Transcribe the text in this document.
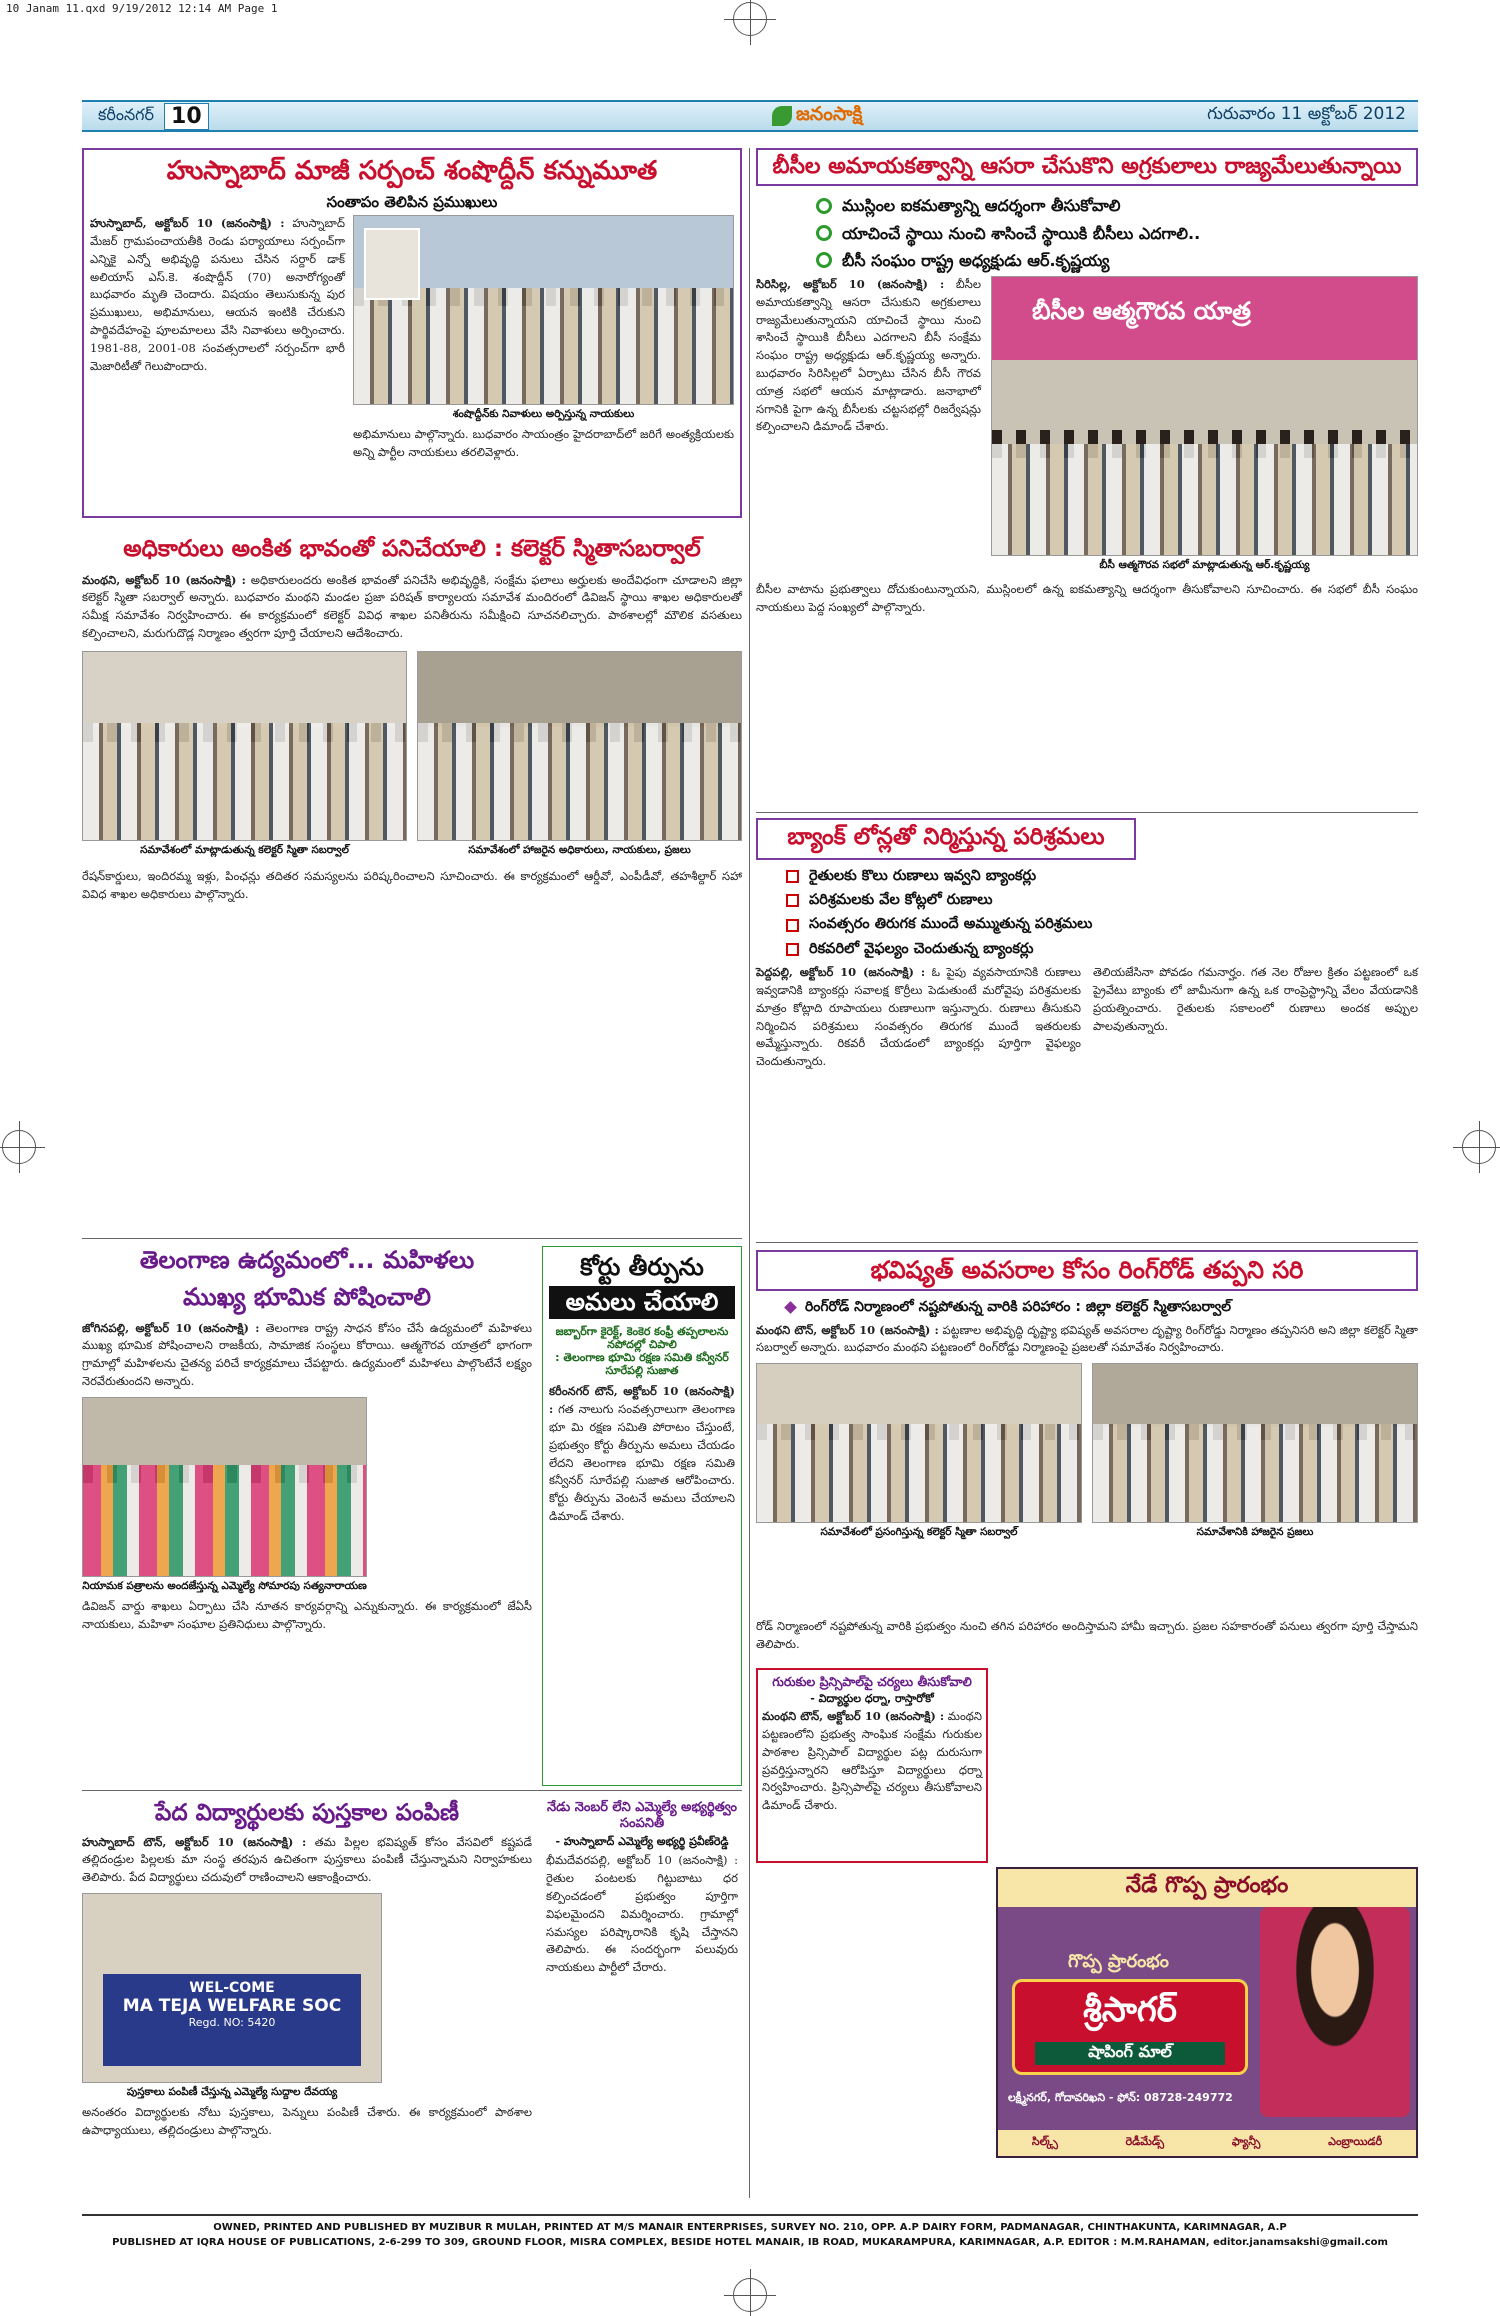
10 Janam 11.qxd 9/19/2012 12:14 AM Page 1
కరీంనగర్ 10	జనంసాక్షి	గురువారం 11 అక్టోబర్ 2012
హుస్నాబాద్ మాజీ సర్పంచ్ శంషొద్దీన్ కన్నుమూత
సంతాపం తెలిపిన ప్రముఖులు

హుస్నాబాద్, అక్టోబర్ 10 (జనంసాక్షి) : హుస్నాబాద్ మేజర్ గ్రామపంచాయతీకి రెండు పర్యాయాలు సర్పంచ్‌గా ఎన్నికై ఎన్నో అభివృద్ధి పనులు చేసిన సర్దార్ డాక్ అలియాస్ ఎస్.కె. శంషొద్దీన్ (70) అనారోగ్యంతో బుధవారం మృతి చెందారు. విషయం తెలుసుకున్న పుర ప్రముఖులు, అభిమానులు, ఆయన ఇంటికి చేరుకుని పార్థివదేహంపై పూలమాలలు వేసి నివాళులు అర్పించారు. 1981-88, 2001-08 సంవత్సరాలలో సర్పంచ్‌గా భారీ మెజారిటీతో గెలుపొందారు.

శంషొద్దీన్‌కు నివాళులు అర్పిస్తున్న నాయకులు

అభిమానులు పాల్గొన్నారు. బుధవారం సాయంత్రం హైదరాబాద్‌లో జరిగే అంత్యక్రియలకు అన్ని పార్టీల నాయకులు తరలివెళ్లారు.

అధికారులు అంకిత భావంతో పనిచేయాలి : కలెక్టర్ స్మితాసబర్వాల్

మంథని, అక్టోబర్ 10 (జనంసాక్షి) : అధికారులందరు అంకిత భావంతో పనిచేసి అభివృద్ధికి, సంక్షేమ ఫలాలు అర్హులకు అందేవిధంగా చూడాలని జిల్లా కలెక్టర్ స్మితా సబర్వాల్ అన్నారు. బుధవారం మంథని మండల ప్రజా పరిషత్ కార్యాలయ సమావేశ మందిరంలో డివిజన్ స్థాయి శాఖల అధికారులతో సమీక్ష సమావేశం నిర్వహించారు. ఈ కార్యక్రమంలో కలెక్టర్ వివిధ శాఖల పనితీరును సమీక్షించి సూచనలిచ్చారు. పాఠశాలల్లో మౌలిక వసతులు కల్పించాలని, మరుగుదొడ్ల నిర్మాణం త్వరగా పూర్తి చేయాలని ఆదేశించారు.

సమావేశంలో మాట్లాడుతున్న కలెక్టర్ స్మితా సబర్వాల్	సమావేశంలో హాజరైన అధికారులు, నాయకులు, ప్రజలు

రేషన్‌కార్డులు, ఇందిరమ్మ ఇళ్లు, పింఛన్లు తదితర సమస్యలను పరిష్కరించాలని సూచించారు. ఈ కార్యక్రమంలో ఆర్డీవో, ఎంపీడీవో, తహశీల్దార్ సహా వివిధ శాఖల అధికారులు పాల్గొన్నారు.

బీసీల అమాయకత్వాన్ని ఆసరా చేసుకొని అగ్రకులాలు రాజ్యమేలుతున్నాయి
ముస్లింల ఐకమత్యాన్ని ఆదర్శంగా తీసుకోవాలి
యాచించే స్థాయి నుంచి శాసించే స్థాయికి బీసీలు ఎదగాలి..
బీసీ సంఘం రాష్ట్ర అధ్యక్షుడు ఆర్.కృష్ణయ్య

సిరిసిల్ల, అక్టోబర్ 10 (జనంసాక్షి) : బీసీల అమాయకత్వాన్ని ఆసరా చేసుకుని అగ్రకులాలు రాజ్యమేలుతున్నాయని యాచించే స్థాయి నుంచి శాసించే స్థాయికి బీసీలు ఎదగాలని బీసీ సంక్షేమ సంఘం రాష్ట్ర అధ్యక్షుడు ఆర్.కృష్ణయ్య అన్నారు. బుధవారం సిరిసిల్లలో ఏర్పాటు చేసిన బీసీ గౌరవ యాత్ర సభలో ఆయన మాట్లాడారు. జనాభాలో సగానికి పైగా ఉన్న బీసీలకు చట్టసభల్లో రిజర్వేషన్లు కల్పించాలని డిమాండ్ చేశారు.

బీసీల ఆత్మగౌరవ యాత్ర
బీసీ ఆత్మగౌరవ సభలో మాట్లాడుతున్న ఆర్.కృష్ణయ్య

బీసీల వాటాను ప్రభుత్వాలు దోచుకుంటున్నాయని, ముస్లింలలో ఉన్న ఐకమత్యాన్ని ఆదర్శంగా తీసుకోవాలని సూచించారు. ఈ సభలో బీసీ సంఘం నాయకులు పెద్ద సంఖ్యలో పాల్గొన్నారు.

బ్యాంక్ లోన్లతో నిర్మిస్తున్న పరిశ్రమలు
రైతులకు కొలు రుణాలు ఇవ్వని బ్యాంకర్లు
పరిశ్రమలకు వేల కోట్లలో రుణాలు
సంవత్సరం తిరుగక ముందే అమ్ముతున్న పరిశ్రమలు
రికవరిలో వైఫల్యం చెందుతున్న బ్యాంకర్లు

పెద్దపల్లి, అక్టోబర్ 10 (జనంసాక్షి) : ఓ పైపు వ్యవసాయానికి రుణాలు ఇవ్వడానికి బ్యాంకర్లు సవాలక్ష కొర్రీలు పెడుతుంటే మరోవైపు పరిశ్రమలకు మాత్రం కోట్లాది రూపాయలు రుణాలుగా ఇస్తున్నారు. రుణాలు తీసుకుని నిర్మించిన పరిశ్రమలు సంవత్సరం తిరుగక ముందే ఇతరులకు అమ్మేస్తున్నారు. రికవరీ చేయడంలో బ్యాంకర్లు పూర్తిగా వైఫల్యం చెందుతున్నారు.

తెలియజేసినా పోవడం గమనార్హం. గత నెల రోజుల క్రితం పట్టణంలో ఒక ప్రైవేటు బ్యాంకు లో జామీనుగా ఉన్న ఒక రాంప్రెస్ట్రాన్ని వేలం వేయడానికి ప్రయత్నించారు. రైతులకు సకాలంలో రుణాలు అందక అప్పుల పాలవుతున్నారు.

తెలంగాణ ఉద్యమంలో... మహిళలు
ముఖ్య భూమిక పోషించాలి

జోగినపల్లి, అక్టోబర్ 10 (జనంసాక్షి) : తెలంగాణ రాష్ట్ర సాధన కోసం చేసే ఉద్యమంలో మహిళలు ముఖ్య భూమిక పోషించాలని రాజకీయ, సామాజిక సంస్థలు కోరాయి. ఆత్మగౌరవ యాత్రలో భాగంగా గ్రామాల్లో మహిళలను చైతన్య పరిచే కార్యక్రమాలు చేపట్టారు. ఉద్యమంలో మహిళలు పాల్గొంటేనే లక్ష్యం నెరవేరుతుందని అన్నారు.

నియామక పత్రాలను అందజేస్తున్న ఎమ్మెల్యే సోమారపు సత్యనారాయణ

డివిజన్ వార్డు శాఖలు ఏర్పాటు చేసి నూతన కార్యవర్గాన్ని ఎన్నుకున్నారు. ఈ కార్యక్రమంలో జేఏసీ నాయకులు, మహిళా సంఘాల ప్రతినిధులు పాల్గొన్నారు.

కోర్టు తీర్పును
అమలు చేయాలి
జబ్బార్‌గా కైరెక్ట్, కెంకెర కంఫ్రీ తప్పలాలను నపోదల్లో చిపాలి
: తెలంగాణ భూమి రక్షణ సమితి కన్వీనర్ సూరేపల్లి సుజాత

కరీంనగర్ టౌన్, అక్టోబర్ 10 (జనంసాక్షి) : గత నాలుగు సంవత్సరాలుగా తెలంగాణ భూ మి రక్షణ సమితి పోరాటం చేస్తుంటే, ప్రభుత్వం కోర్టు తీర్పును అమలు చేయడం లేదని తెలంగాణ భూమి రక్షణ సమితి కన్వీనర్ సూరేపల్లి సుజాత ఆరోపించారు. కోర్టు తీర్పును వెంటనే అమలు చేయాలని డిమాండ్ చేశారు.

పేద విద్యార్థులకు పుస్తకాల పంపిణీ

హుస్నాబాద్ టౌన్, అక్టోబర్ 10 (జనంసాక్షి) : తమ పిల్లల భవిష్యత్ కోసం వేసవిలో కష్టపడే తల్లిదండ్రుల పిల్లలకు మా సంస్థ తరపున ఉచితంగా పుస్తకాలు పంపిణీ చేస్తున్నామని నిర్వాహకులు తెలిపారు. పేద విద్యార్థులు చదువులో రాణించాలని ఆకాంక్షించారు.

WEL-COME
MA TEJA WELFARE SOC
Regd. NO: 5420
పుస్తకాలు పంపిణీ చేస్తున్న ఎమ్మెల్యే సుద్దాల దేవయ్య

అనంతరం విద్యార్థులకు నోటు పుస్తకాలు, పెన్నులు పంపిణీ చేశారు. ఈ కార్యక్రమంలో పాఠశాల ఉపాధ్యాయులు, తల్లిదండ్రులు పాల్గొన్నారు.

నేడు నెంబర్‌ లేని ఎమ్మెల్యే అభ్యర్థిత్వం సంపనితీ
- హుస్నాబాద్ ఎమ్మెల్యే అభ్యర్థి ప్రవీణ్‌రెడ్డి

భీమదేవరపల్లి, అక్టోబర్ 10 (జనంసాక్షి) : రైతుల పంటలకు గిట్టుబాటు ధర కల్పించడంలో ప్రభుత్వం పూర్తిగా విఫలమైందని విమర్శించారు. గ్రామాల్లో సమస్యల పరిష్కారానికి కృషి చేస్తానని తెలిపారు. ఈ సందర్భంగా పలువురు నాయకులు పార్టీలో చేరారు.

భవిష్యత్ అవసరాల కోసం రింగ్‌రోడ్ తప్పని సరి
రింగ్‌రోడ్ నిర్మాణంలో నష్టపోతున్న వారికి పరిహారం : జిల్లా కలెక్టర్ స్మితాసబర్వాల్

మంథని టౌన్, అక్టోబర్ 10 (జనంసాక్షి) : పట్టణాల అభివృద్ధి దృష్ట్యా భవిష్యత్ అవసరాల దృష్ట్యా రింగ్‌రోడ్డు నిర్మాణం తప్పనిసరి అని జిల్లా కలెక్టర్ స్మితా సబర్వాల్ అన్నారు. బుధవారం మంథని పట్టణంలో రింగ్‌రోడ్డు నిర్మాణంపై ప్రజలతో సమావేశం నిర్వహించారు.

సమావేశంలో ప్రసంగిస్తున్న కలెక్టర్ స్మితా సబర్వాల్	సమావేశానికి హాజరైన ప్రజలు

రోడ్ నిర్మాణంలో నష్టపోతున్న వారికి ప్రభుత్వం నుంచి తగిన పరిహారం అందిస్తామని హామీ ఇచ్చారు. ప్రజల సహకారంతో పనులు త్వరగా పూర్తి చేస్తామని తెలిపారు.

గురుకుల ప్రిన్సిపాల్‌పై చర్యలు తీసుకోవాలి
- విద్యార్థుల ధర్నా, రాస్తారోకో

మంథని టౌన్, అక్టోబర్ 10 (జనంసాక్షి) : మంథని పట్టణంలోని ప్రభుత్వ సాంఘిక సంక్షేమ గురుకుల పాఠశాల ప్రిన్సిపాల్ విద్యార్థుల పట్ల దురుసుగా ప్రవర్తిస్తున్నారని ఆరోపిస్తూ విద్యార్థులు ధర్నా నిర్వహించారు. ప్రిన్సిపాల్‌పై చర్యలు తీసుకోవాలని డిమాండ్ చేశారు.

నేడే గొప్ప ప్రారంభం
శ్రీసాగర్
షాపింగ్ మాల్
గొప్ప ప్రారంభం
లక్ష్మీనగర్, గోదావరిఖని - ఫోన్: 08728-249772
సిల్క్స్	రెడీమేడ్స్	ఫ్యాన్సీ	ఎంబ్రాయిడరీ
OWNED, PRINTED AND PUBLISHED BY MUZIBUR R MULAH, PRINTED AT M/S MANAIR ENTERPRISES, SURVEY NO. 210, OPP. A.P DAIRY FORM, PADMANAGAR, CHINTHAKUNTA, KARIMNAGAR, A.P
PUBLISHED AT IQRA HOUSE OF PUBLICATIONS, 2-6-299 TO 309, GROUND FLOOR, MISRA COMPLEX, BESIDE HOTEL MANAIR, IB ROAD, MUKARAMPURA, KARIMNAGAR, A.P. EDITOR : M.M.RAHAMAN, editor.janamsakshi@gmail.com
